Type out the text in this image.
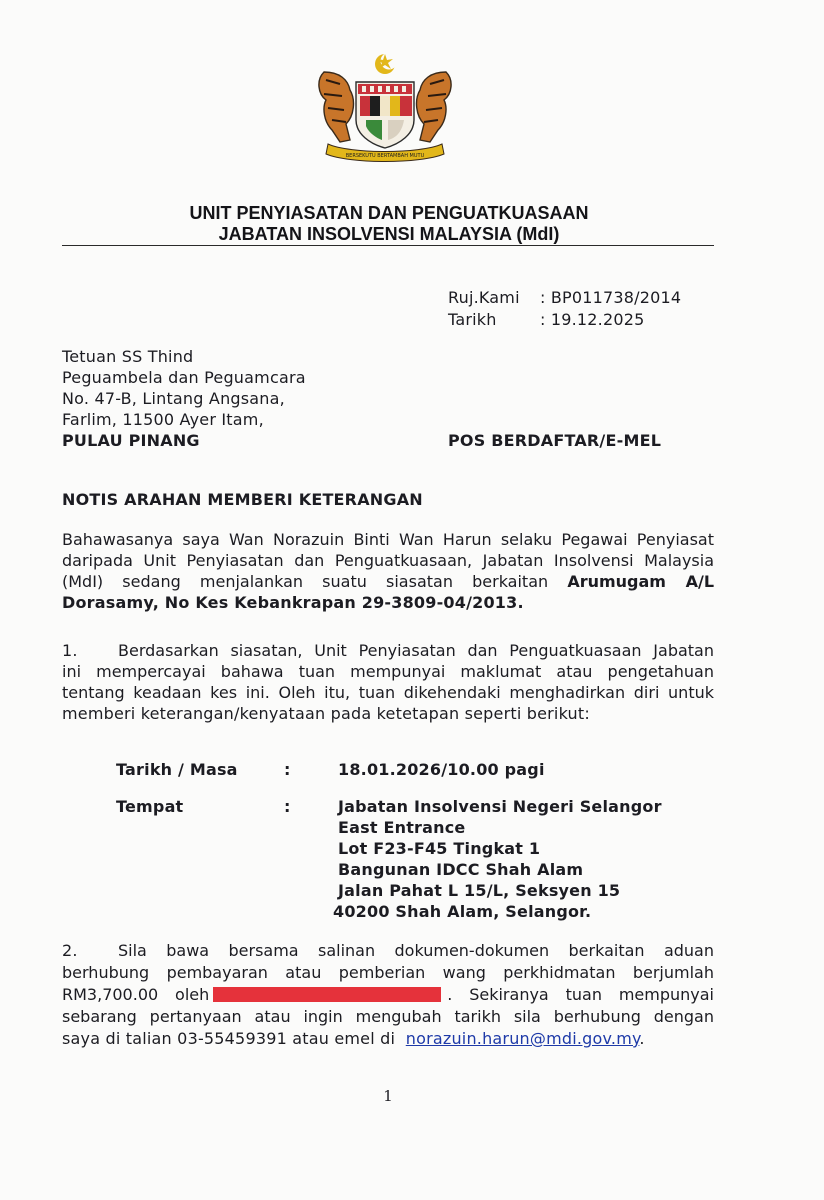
BERSEKUTU BERTAMBAH MUTU
UNIT PENYIASATAN DAN PENGUATKUASAAN
JABATAN INSOLVENSI MALAYSIA (MdI)
Ruj.Kami : BP011738/2014
Tarikh	: 19.12.2025
Tetuan SS Thind
Peguambela dan Peguamcara
No. 47-B, Lintang Angsana,
Farlim, 11500 Ayer Itam,
PULAU PINANG	POS BERDAFTAR/E-MEL
NOTIS ARAHAN MEMBERI KETERANGAN
Bahawasanya saya Wan Norazuin Binti Wan Harun selaku Pegawai Penyiasat
daripada Unit Penyiasatan dan Penguatkuasaan, Jabatan Insolvensi Malaysia
(MdI) sedang menjalankan suatu siasatan berkaitan Arumugam A/L
Dorasamy, No Kes Kebankrapan 29-3809-04/2013.
1.	Berdasarkan siasatan, Unit Penyiasatan dan Penguatkuasaan Jabatan
ini mempercayai bahawa tuan mempunyai maklumat atau pengetahuan
tentang keadaan kes ini. Oleh itu, tuan dikehendaki menghadirkan diri untuk
memberi keterangan/kenyataan pada ketetapan seperti berikut:
Tarikh / Masa	:	18.01.2026/10.00 pagi
Tempat	:	Jabatan Insolvensi Negeri Selangor
East Entrance
Lot F23-F45 Tingkat 1
Bangunan IDCC Shah Alam
Jalan Pahat L 15/L, Seksyen 15
40200 Shah Alam, Selangor.
2.	Sila bawa bersama salinan dokumen-dokumen berkaitan aduan
berhubung pembayaran atau pemberian wang perkhidmatan berjumlah
RM3,700.00 oleh	. Sekiranya tuan mempunyai
sebarang pertanyaan atau ingin mengubah tarikh sila berhubung dengan
saya di talian 03-55459391 atau emel di norazuin.harun@mdi.gov.my.
1
